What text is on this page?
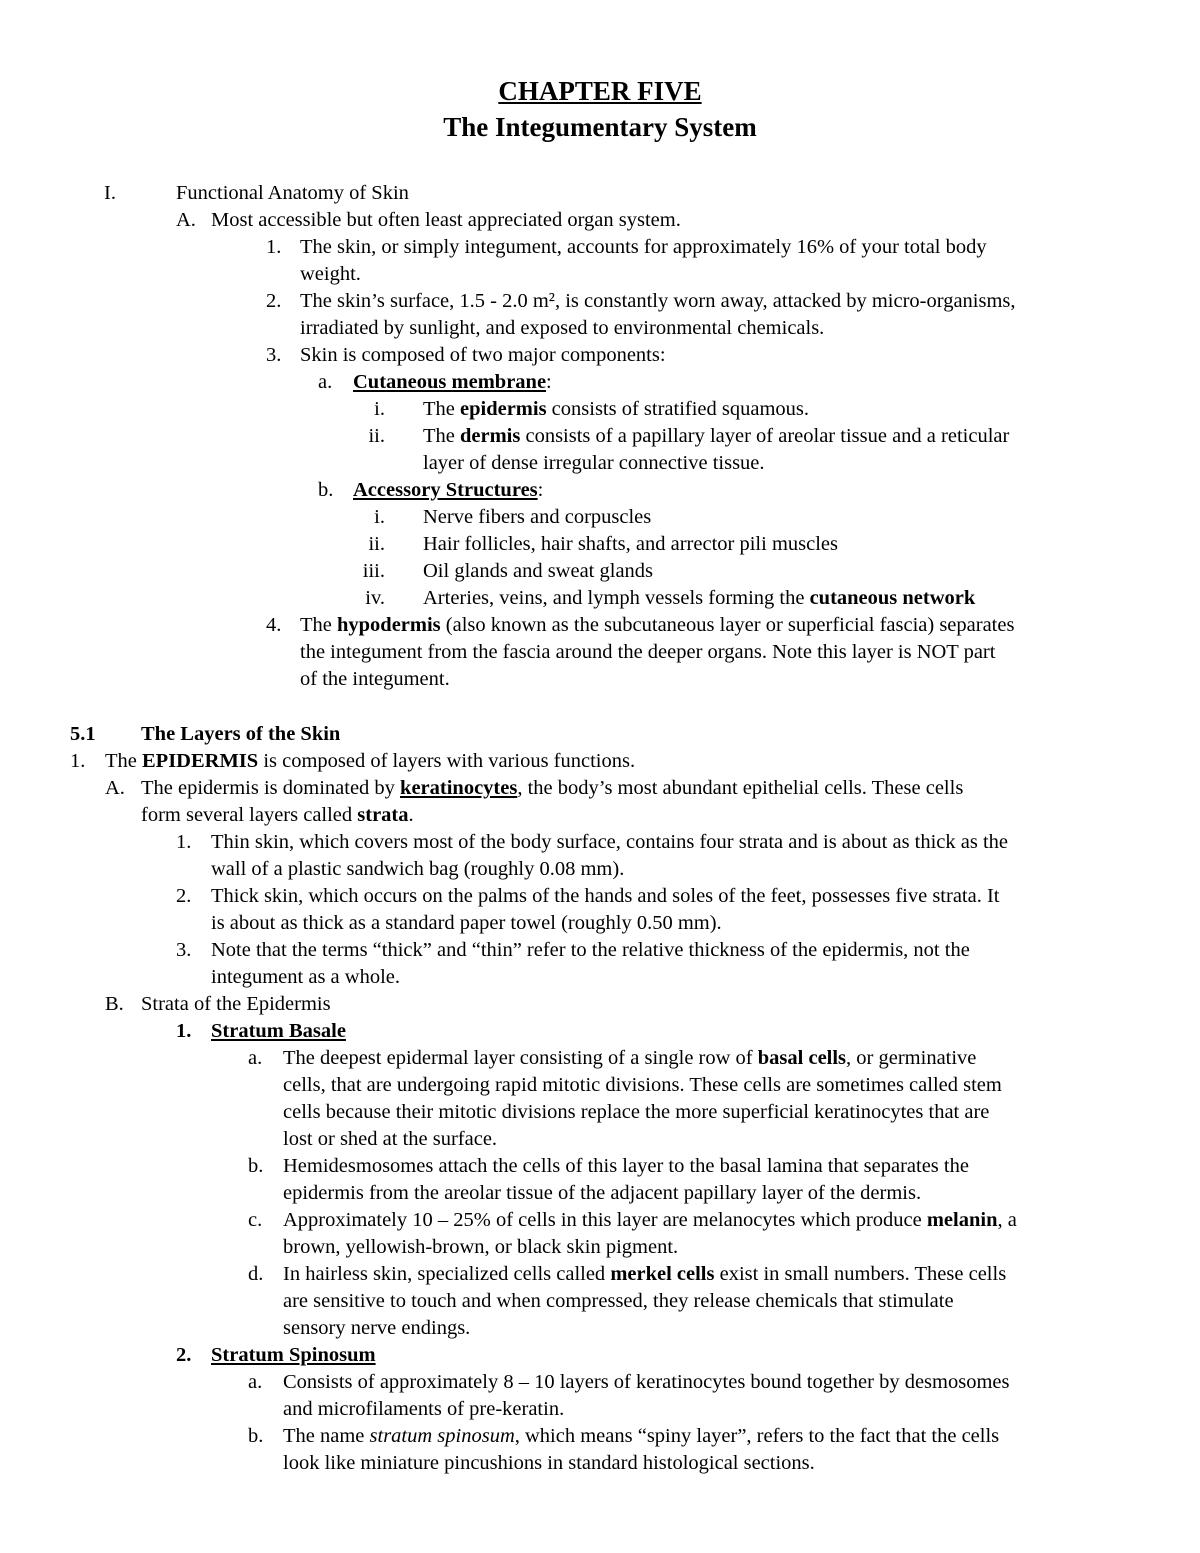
CHAPTER FIVE
The Integumentary System
I.	Functional Anatomy of Skin
A. Most accessible but often least appreciated organ system.
1. The skin, or simply integument, accounts for approximately 16% of your total body
weight.
2. The skin’s surface, 1.5 - 2.0 m², is constantly worn away, attacked by micro-organisms,
irradiated by sunlight, and exposed to environmental chemicals.
3. Skin is composed of two major components:
a. Cutaneous membrane:
i. The epidermis consists of stratified squamous.
ii. The dermis consists of a papillary layer of areolar tissue and a reticular
layer of dense irregular connective tissue.
b. Accessory Structures:
i. Nerve fibers and corpuscles
ii. Hair follicles, hair shafts, and arrector pili muscles
iii. Oil glands and sweat glands
iv. Arteries, veins, and lymph vessels forming the cutaneous network
4. The hypodermis (also known as the subcutaneous layer or superficial fascia) separates
the integument from the fascia around the deeper organs. Note this layer is NOT part
of the integument.
5.1 The Layers of the Skin
1. The EPIDERMIS is composed of layers with various functions.
A. The epidermis is dominated by keratinocytes, the body’s most abundant epithelial cells. These cells
form several layers called strata.
1. Thin skin, which covers most of the body surface, contains four strata and is about as thick as the
wall of a plastic sandwich bag (roughly 0.08 mm).
2. Thick skin, which occurs on the palms of the hands and soles of the feet, possesses five strata. It
is about as thick as a standard paper towel (roughly 0.50 mm).
3. Note that the terms “thick” and “thin” refer to the relative thickness of the epidermis, not the
integument as a whole.
B. Strata of the Epidermis
1. Stratum Basale
a. The deepest epidermal layer consisting of a single row of basal cells, or germinative
cells, that are undergoing rapid mitotic divisions. These cells are sometimes called stem
cells because their mitotic divisions replace the more superficial keratinocytes that are
lost or shed at the surface.
b. Hemidesmosomes attach the cells of this layer to the basal lamina that separates the
epidermis from the areolar tissue of the adjacent papillary layer of the dermis.
c. Approximately 10 – 25% of cells in this layer are melanocytes which produce melanin, a
brown, yellowish-brown, or black skin pigment.
d. In hairless skin, specialized cells called merkel cells exist in small numbers. These cells
are sensitive to touch and when compressed, they release chemicals that stimulate
sensory nerve endings.
2. Stratum Spinosum
a. Consists of approximately 8 – 10 layers of keratinocytes bound together by desmosomes
and microfilaments of pre-keratin.
b. The name stratum spinosum, which means “spiny layer”, refers to the fact that the cells
look like miniature pincushions in standard histological sections.
